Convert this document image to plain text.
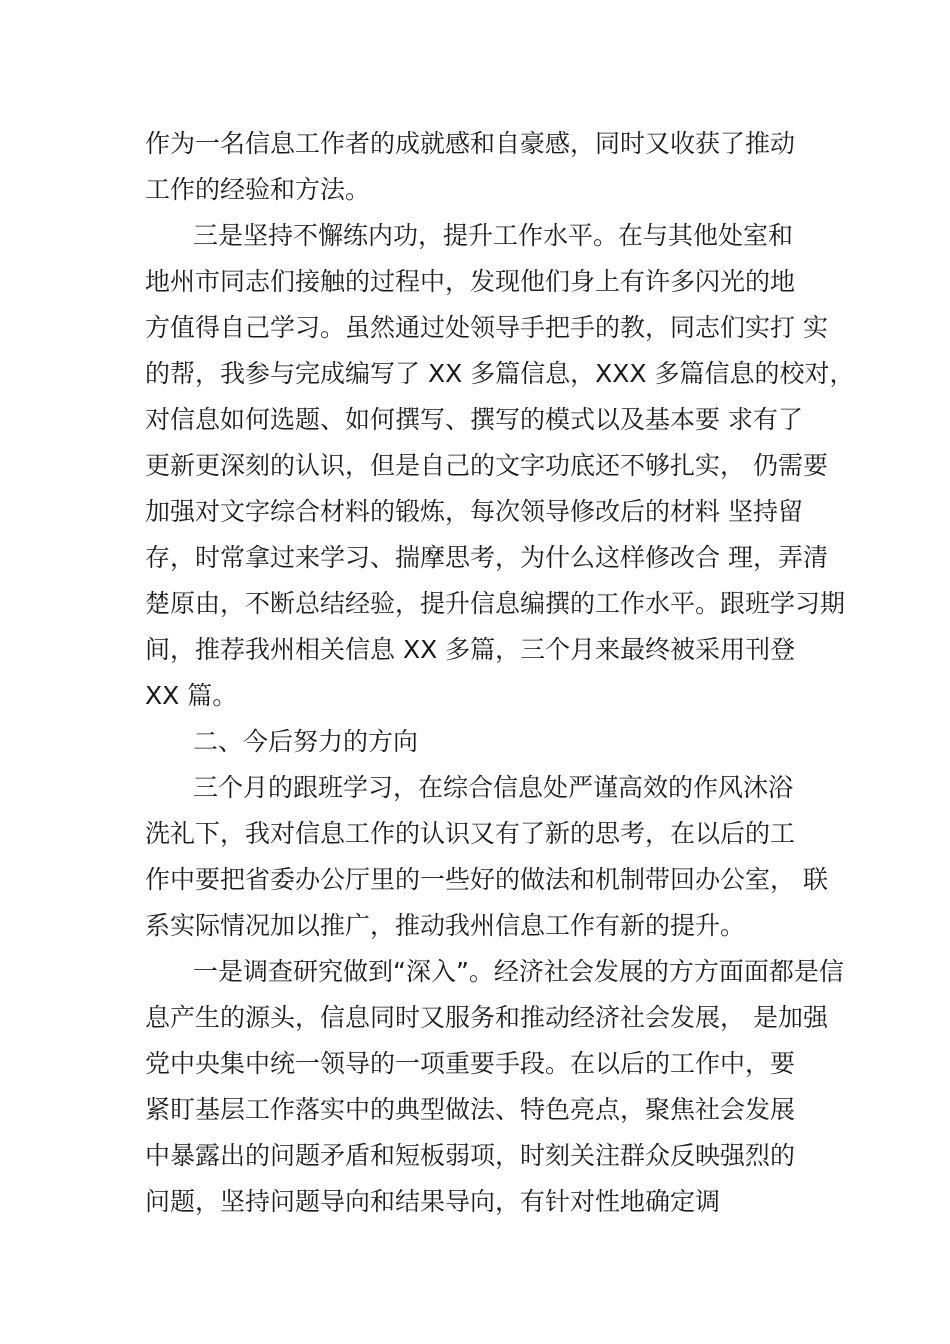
作为一名信息工作者的成就感和自豪感，同时又收获了推动
工作的经验和方法。
三是坚持不懈练内功，提升工作水平。在与其他处室和
地州市同志们接触的过程中，发现他们身上有许多闪光的地
方值得自己学习。虽然通过处领导手把手的教，同志们实打 实
的帮，我参与完成编写了 XX 多篇信息，XXX 多篇信息的校对，
对信息如何选题、如何撰写、撰写的模式以及基本要 求有了
更新更深刻的认识，但是自己的文字功底还不够扎实， 仍需要
加强对文字综合材料的锻炼，每次领导修改后的材料 坚持留
存，时常拿过来学习、揣摩思考，为什么这样修改合 理，弄清
楚原由，不断总结经验，提升信息编撰的工作水平。跟班学习期
间，推荐我州相关信息 XX 多篇，三个月来最终被采用刊登
XX 篇。
二、今后努力的方向
三个月的跟班学习，在综合信息处严谨高效的作风沐浴
洗礼下，我对信息工作的认识又有了新的思考，在以后的工
作中要把省委办公厅里的一些好的做法和机制带回办公室， 联
系实际情况加以推广，推动我州信息工作有新的提升。
一是调查研究做到“深入”。经济社会发展的方方面面都是信
息产生的源头，信息同时又服务和推动经济社会发展， 是加强
党中央集中统一领导的一项重要手段。在以后的工作中，要
紧盯基层工作落实中的典型做法、特色亮点，聚焦社会发展
中暴露出的问题矛盾和短板弱项，时刻关注群众反映强烈的
问题，坚持问题导向和结果导向，有针对性地确定调
